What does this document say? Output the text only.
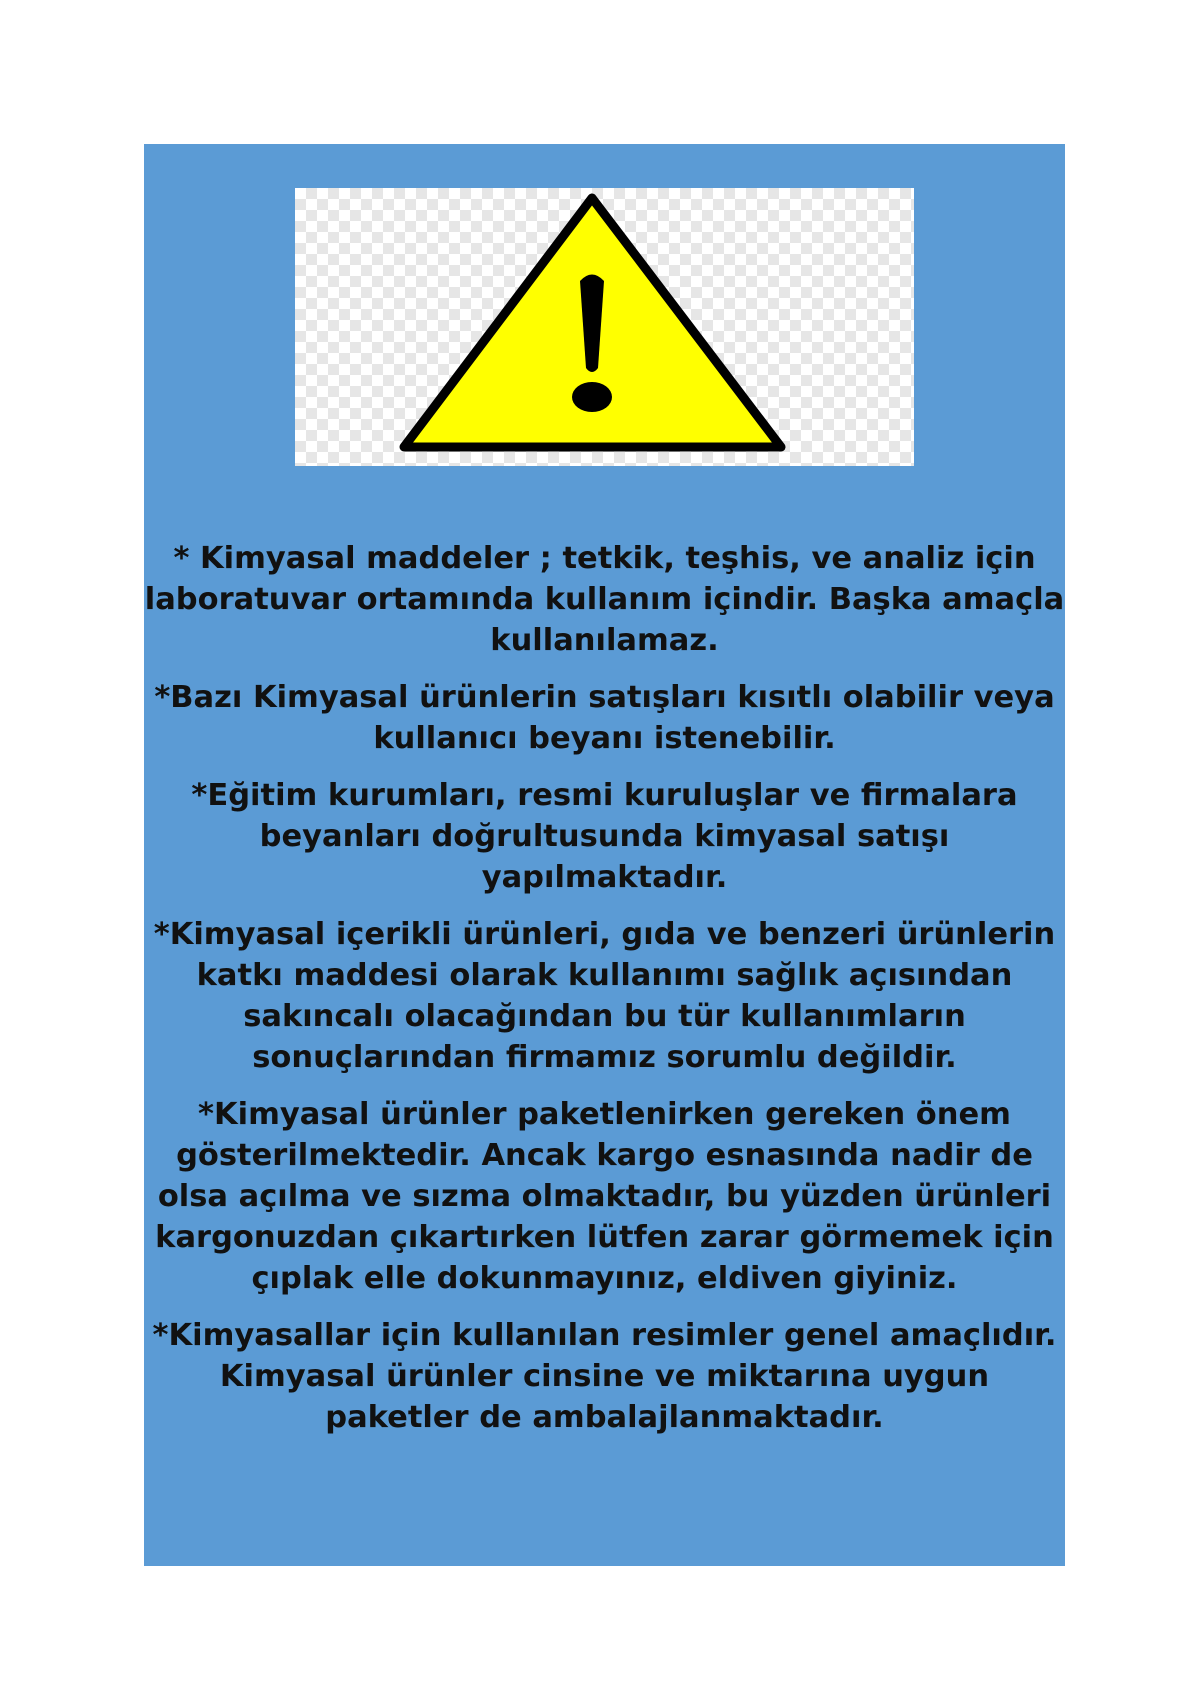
* Kimyasal maddeler ; tetkik, teşhis, ve analiz için laboratuvar ortamında kullanım içindir. Başka amaçla kullanılamaz.

*Bazı Kimyasal ürünlerin satışları kısıtlı olabilir veya kullanıcı beyanı istenebilir.

*Eğitim kurumları, resmi kuruluşlar ve firmalara beyanları doğrultusunda kimyasal satışı yapılmaktadır.

*Kimyasal içerikli ürünleri, gıda ve benzeri ürünlerin katkı maddesi olarak kullanımı sağlık açısından sakıncalı olacağından bu tür kullanımların sonuçlarından firmamız sorumlu değildir.

*Kimyasal ürünler paketlenirken gereken önem gösterilmektedir. Ancak kargo esnasında nadir de olsa açılma ve sızma olmaktadır, bu yüzden ürünleri kargonuzdan çıkartırken lütfen zarar görmemek için çıplak elle dokunmayınız, eldiven giyiniz.

*Kimyasallar için kullanılan resimler genel amaçlıdır. Kimyasal ürünler cinsine ve miktarına uygun paketler de ambalajlanmaktadır.
